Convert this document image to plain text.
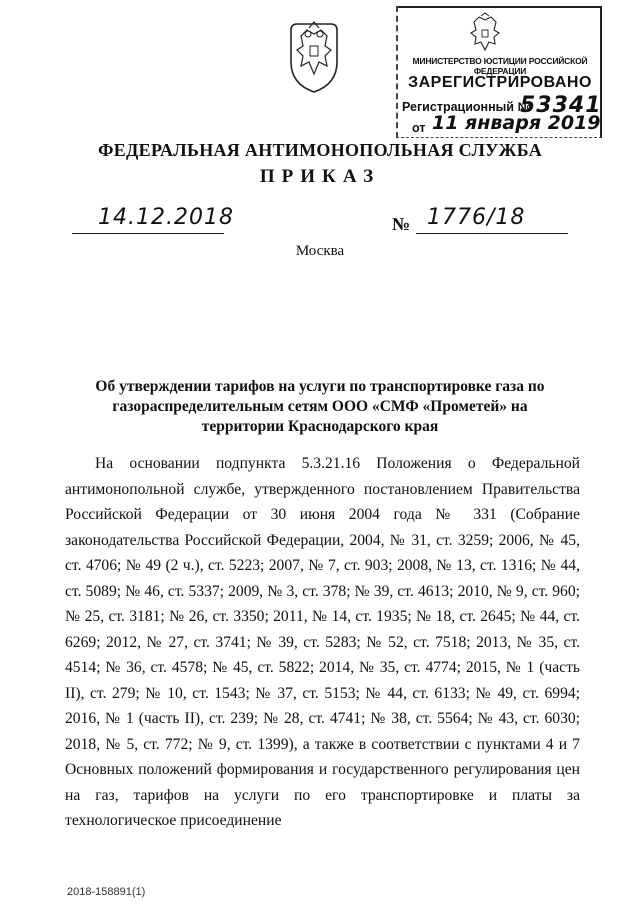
МИНИСТЕРСТВО ЮСТИЦИИ РОССИЙСКОЙ ФЕДЕРАЦИИ
ЗАРЕГИСТРИРОВАНО
Регистрационный №
53341
от 11 января 2019
ФЕДЕРАЛЬНАЯ АНТИМОНОПОЛЬНАЯ СЛУЖБА
ПРИКАЗ
14.12.2018	№ 1776/18
Москва
Об утверждении тарифов на услуги по транспортировке газа по газораспределительным сетям ООО «СМФ «Прометей» на территории Краснодарского края
На основании подпункта 5.3.21.16 Положения о Федеральной антимонопольной службе, утвержденного постановлением Правительства Российской Федерации от 30 июня 2004 года № 331 (Собрание законодательства Российской Федерации, 2004, № 31, ст. 3259; 2006, № 45, ст. 4706; № 49 (2 ч.), ст. 5223; 2007, № 7, ст. 903; 2008, № 13, ст. 1316; № 44, ст. 5089; № 46, ст. 5337; 2009, № 3, ст. 378; № 39, ст. 4613; 2010, № 9, ст. 960; № 25, ст. 3181; № 26, ст. 3350; 2011, № 14, ст. 1935; № 18, ст. 2645; № 44, ст. 6269; 2012, № 27, ст. 3741; № 39, ст. 5283; № 52, ст. 7518; 2013, № 35, ст. 4514; № 36, ст. 4578; № 45, ст. 5822; 2014, № 35, ст. 4774; 2015, № 1 (часть II), ст. 279; № 10, ст. 1543; № 37, ст. 5153; № 44, ст. 6133; № 49, ст. 6994; 2016, № 1 (часть II), ст. 239; № 28, ст. 4741; № 38, ст. 5564; № 43, ст. 6030; 2018, № 5, ст. 772; № 9, ст. 1399), а также в соответствии с пунктами 4 и 7 Основных положений формирования и государственного регулирования цен на газ, тарифов на услуги по его транспортировке и платы за технологическое присоединение
2018-158891(1)
